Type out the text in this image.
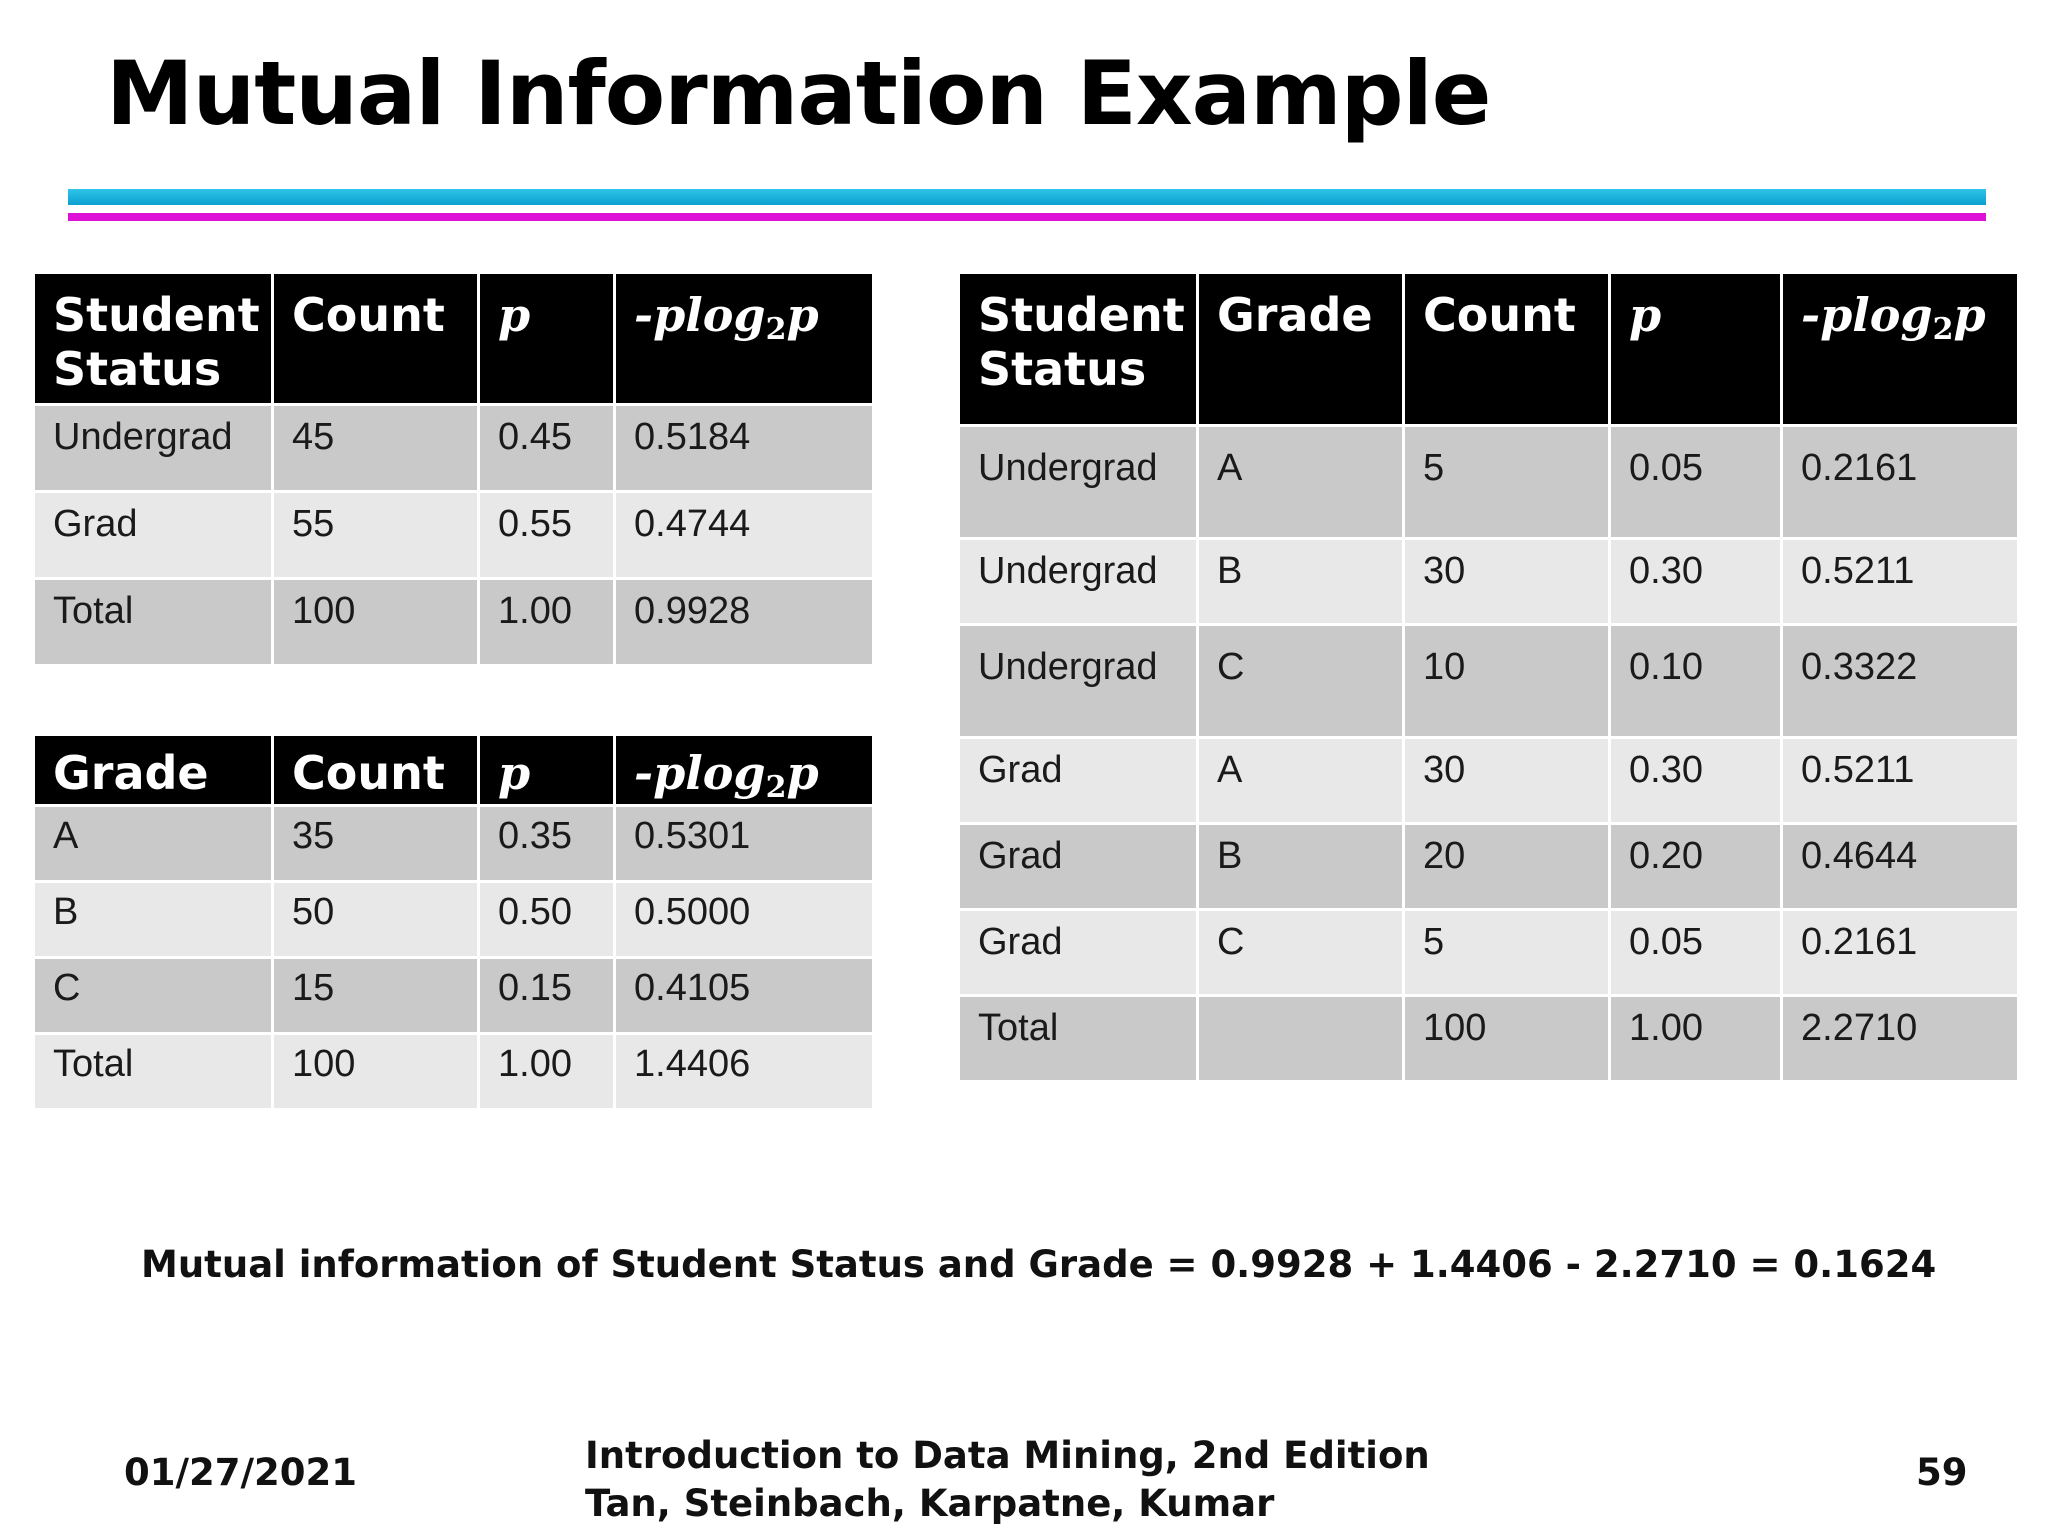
Mutual Information Example
Student
Status	Count	p	-plog$_2$p
Undergrad	45	0.45	0.5184
Grad	55	0.55	0.4744
Total	100	1.00	0.9928
Grade	Count	p	-plog$_2$p
A	35	0.35	0.5301
B	50	0.50	0.5000
C	15	0.15	0.4105
Total	100	1.00	1.4406
Student
Status	Grade	Count	p	-plog$_2$p
Undergrad	A	5	0.05	0.2161
Undergrad	B	30	0.30	0.5211
Undergrad	C	10	0.10	0.3322
Grad	A	30	0.30	0.5211
Grad	B	20	0.20	0.4644
Grad	C	5	0.05	0.2161
Total		100	1.00	2.2710

Mutual information of Student Status and Grade = 0.9928 + 1.4406 - 2.2710 = 0.1624

01/27/2021	Introduction to Data Mining, 2nd Edition
Tan, Steinbach, Karpatne, Kumar
59
